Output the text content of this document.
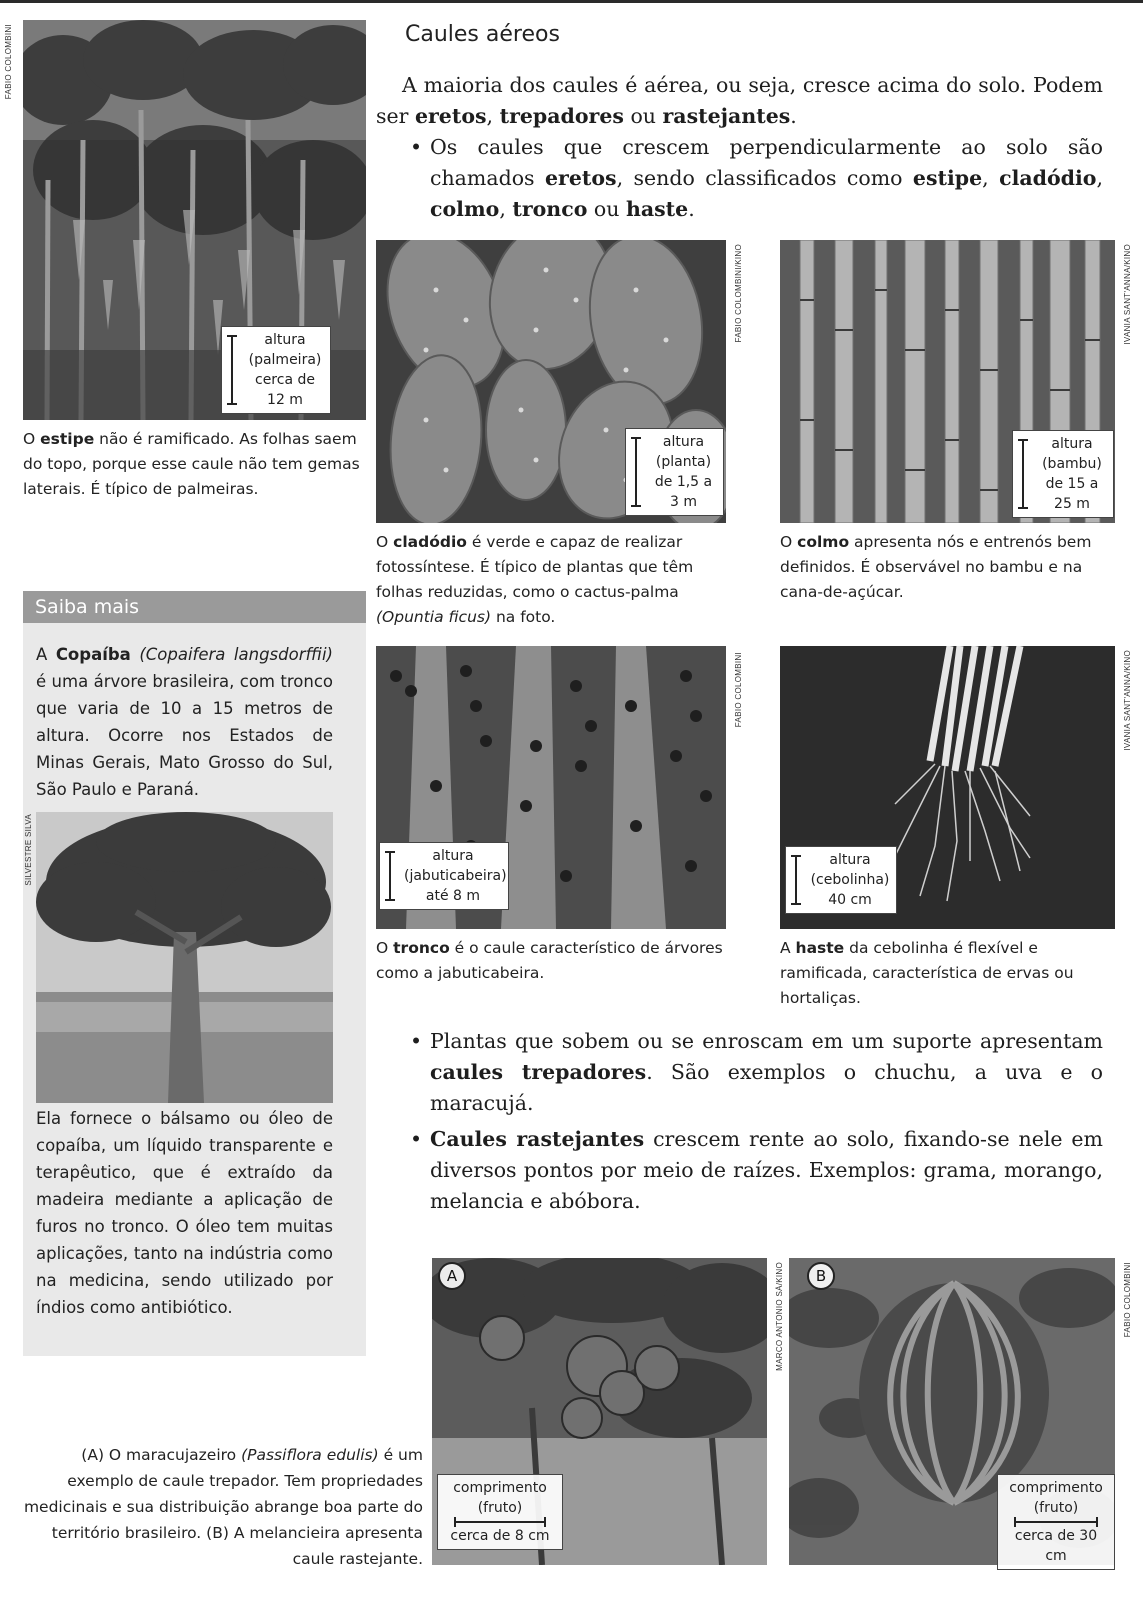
FABIO COLOMBINI
altura
(palmeira)
cerca de
12 m
O estipe não é ramificado. As folhas saem do topo, porque esse caule não tem gemas laterais. É típico de palmeiras.
Caules aéreos
A maioria dos caules é aérea, ou seja, cresce acima do solo. Podem ser eretos, trepadores ou rastejantes.
• Os caules que crescem perpendicularmente ao solo são chamados eretos, sendo classificados como estipe, cladódio, colmo, tronco ou haste.
FABIO COLOMBINI/KINO
altura
(planta)
de 1,5 a
3 m
O cladódio é verde e capaz de realizar fotossíntese. É típico de plantas que têm folhas reduzidas, como o cactus-palma (Opuntia ficus) na foto.
IVANIA SANT'ANNA/KINO
altura
(bambu)
de 15 a
25 m
O colmo apresenta nós e entrenós bem definidos. É observável no bambu e na cana-de-açúcar.
Saiba mais
A Copaíba (Copaifera langsdorffii) é uma árvore brasileira, com tronco que varia de 10 a 15 metros de altura. Ocorre nos Estados de Minas Gerais, Mato Grosso do Sul, São Paulo e Paraná.
SILVESTRE SILVA
Ela fornece o bálsamo ou óleo de copaíba, um líquido transparente e terapêutico, que é extraído da madeira mediante a aplicação de furos no tronco. O óleo tem muitas aplicações, tanto na indústria como na medicina, sendo utilizado por índios como antibiótico.
FABIO COLOMBINI
altura
(jabuticabeira)
até 8 m
O tronco é o caule característico de árvores como a jabuticabeira.
IVANIA SANT'ANNA/KINO
altura
(cebolinha)
40 cm
A haste da cebolinha é flexível e ramificada, característica de ervas ou hortaliças.
• Plantas que sobem ou se enroscam em um suporte apresentam caules trepadores. São exemplos o chuchu, a uva e o maracujá.
• Caules rastejantes crescem rente ao solo, fixando-se nele em diversos pontos por meio de raízes. Exemplos: grama, morango, melancia e abóbora.
A	MARCO ANTONIO SÁ/KINO
comprimento
(fruto)
cerca de 8 cm
B	FABIO COLOMBINI
comprimento
(fruto)
cerca de 30 cm
(A) O maracujazeiro (Passiflora edulis) é um exemplo de caule trepador. Tem propriedades medicinais e sua distribuição abrange boa parte do território brasileiro. (B) A melancieira apresenta caule rastejante.
